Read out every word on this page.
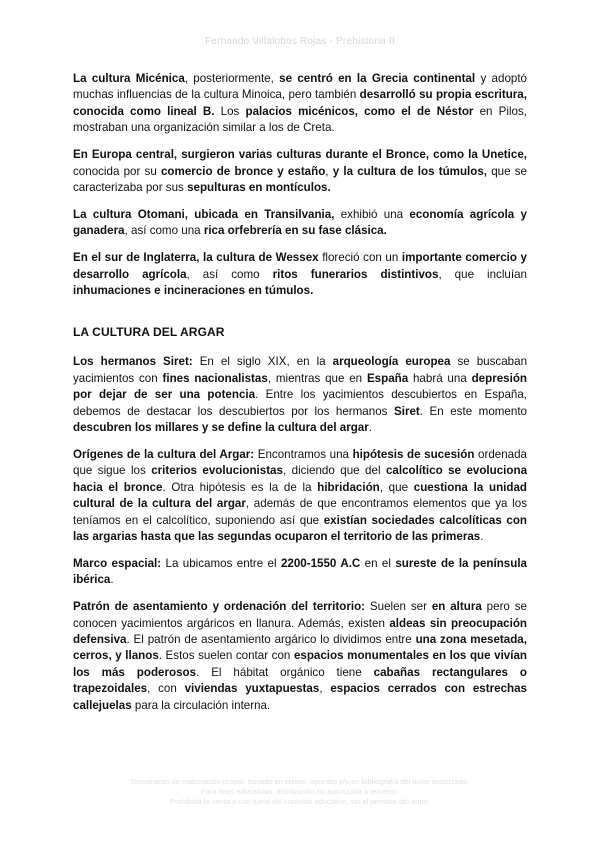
Fernando Villalobos Rojas - Prehistoria II

La cultura Micénica, posteriormente, se centró en la Grecia continental y adoptó muchas influencias de la cultura Minoica, pero también desarrolló su propia escritura, conocida como lineal B. Los palacios micénicos, como el de Néstor en Pilos, mostraban una organización similar a los de Creta.

En Europa central, surgieron varias culturas durante el Bronce, como la Unetice, conocida por su comercio de bronce y estaño, y la cultura de los túmulos, que se caracterizaba por sus sepulturas en montículos.

La cultura Otomani, ubicada en Transilvania, exhibió una economía agrícola y ganadera, así como una rica orfebrería en su fase clásica.

En el sur de Inglaterra, la cultura de Wessex floreció con un importante comercio y desarrollo agrícola, así como ritos funerarios distintivos, que incluían inhumaciones e incineraciones en túmulos.

LA CULTURA DEL ARGAR

Los hermanos Siret: En el siglo XIX, en la arqueología europea se buscaban yacimientos con fines nacionalistas, mientras que en España habrá una depresión por dejar de ser una potencia. Entre los yacimientos descubiertos en España, debemos de destacar los descubiertos por los hermanos Siret. En este momento descubren los millares y se define la cultura del argar.

Orígenes de la cultura del Argar: Encontramos una hipótesis de sucesión ordenada que sigue los criterios evolucionistas, diciendo que del calcolítico se evoluciona hacia el bronce. Otra hipótesis es la de la hibridación, que cuestiona la unidad cultural de la cultura del argar, además de que encontramos elementos que ya los teníamos en el calcolítico, suponiendo así que existían sociedades calcolíticas con las argarias hasta que las segundas ocuparon el territorio de las primeras.

Marco espacial: La ubicamos entre el 2200-1550 A.C en el sureste de la península ibérica.

Patrón de asentamiento y ordenación del territorio: Suelen ser en altura pero se conocen yacimientos argáricos en llanura. Además, existen aldeas sin preocupación defensiva. El patrón de asentamiento argárico lo dividimos entre una zona mesetada, cerros, y llanos. Estos suelen contar con espacios monumentales en los que vivían los más poderosos. El hábitat orgánico tiene cabañas rectangulares o trapezoidales, con viviendas yuxtapuestas, espacios cerrados con estrechas callejuelas para la circulación interna.

Documento de elaboración propia, basado en clases, apuntes y/o en bibliografía del autor autorizada.
Para fines educativos, distribución no autorizada a terceros.
Prohibida la venta o uso fuera del contexto educativo, sin el permiso del autor.
